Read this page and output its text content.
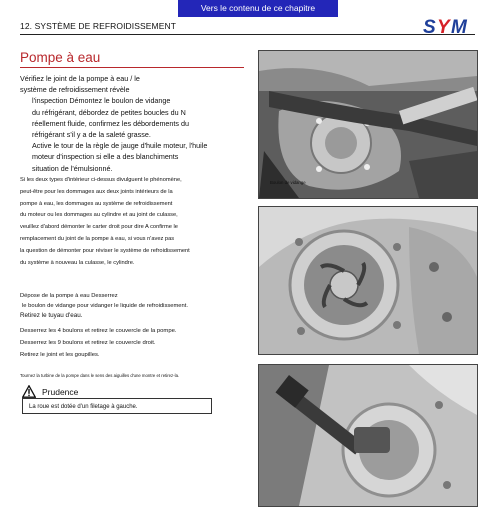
Vers le contenu de ce chapitre
12. SYSTÈME DE REFROIDISSEMENT	S Y M
Pompe à eau
Vérifiez le joint de la pompe à eau / le
système de refroidissement révèle
l'inspection Démontez le boulon de vidange
du réfrigérant, débordez de petites boucles du N
réellement fluide, confirmez les débordements du
réfrigérant s'il y a de la saleté grasse.
Active le tour de la règle de jauge d'huile moteur, l'huile
moteur d'inspection si elle a des blanchiments
situation de l'émulsionné.
Si les deux types d'intérieur ci-dessus divulguent le phénomène,
peut-être pour les dommages aux deux joints intérieurs de la
pompe à eau, les dommages au système de refroidissement
du moteur ou les dommages au cylindre et au joint de culasse,
veuillez d'abord démonter le carter droit pour dire A confirme le
remplacement du joint de la pompe à eau, si vous n'avez pas
la question de démonter pour réviser le système de refroidissement
du système à nouveau la culasse, le cylindre.
Dépose de la pompe à eau Desserrez
le boulon de vidange pour vidanger le liquide de refroidissement.
Retirez le tuyau d'eau.
Desserrez les 4 boulons et retirez le couvercle de la pompe.
Desserrez les 9 boulons et retirez le couvercle droit.
Retirez le joint et les goupilles.
Tournez la turbine de la pompe dans le sens des aiguilles d'une montre et retirez-la.
Prudence
La roue est dotée d'un filetage à gauche.
Boulon de vidange
